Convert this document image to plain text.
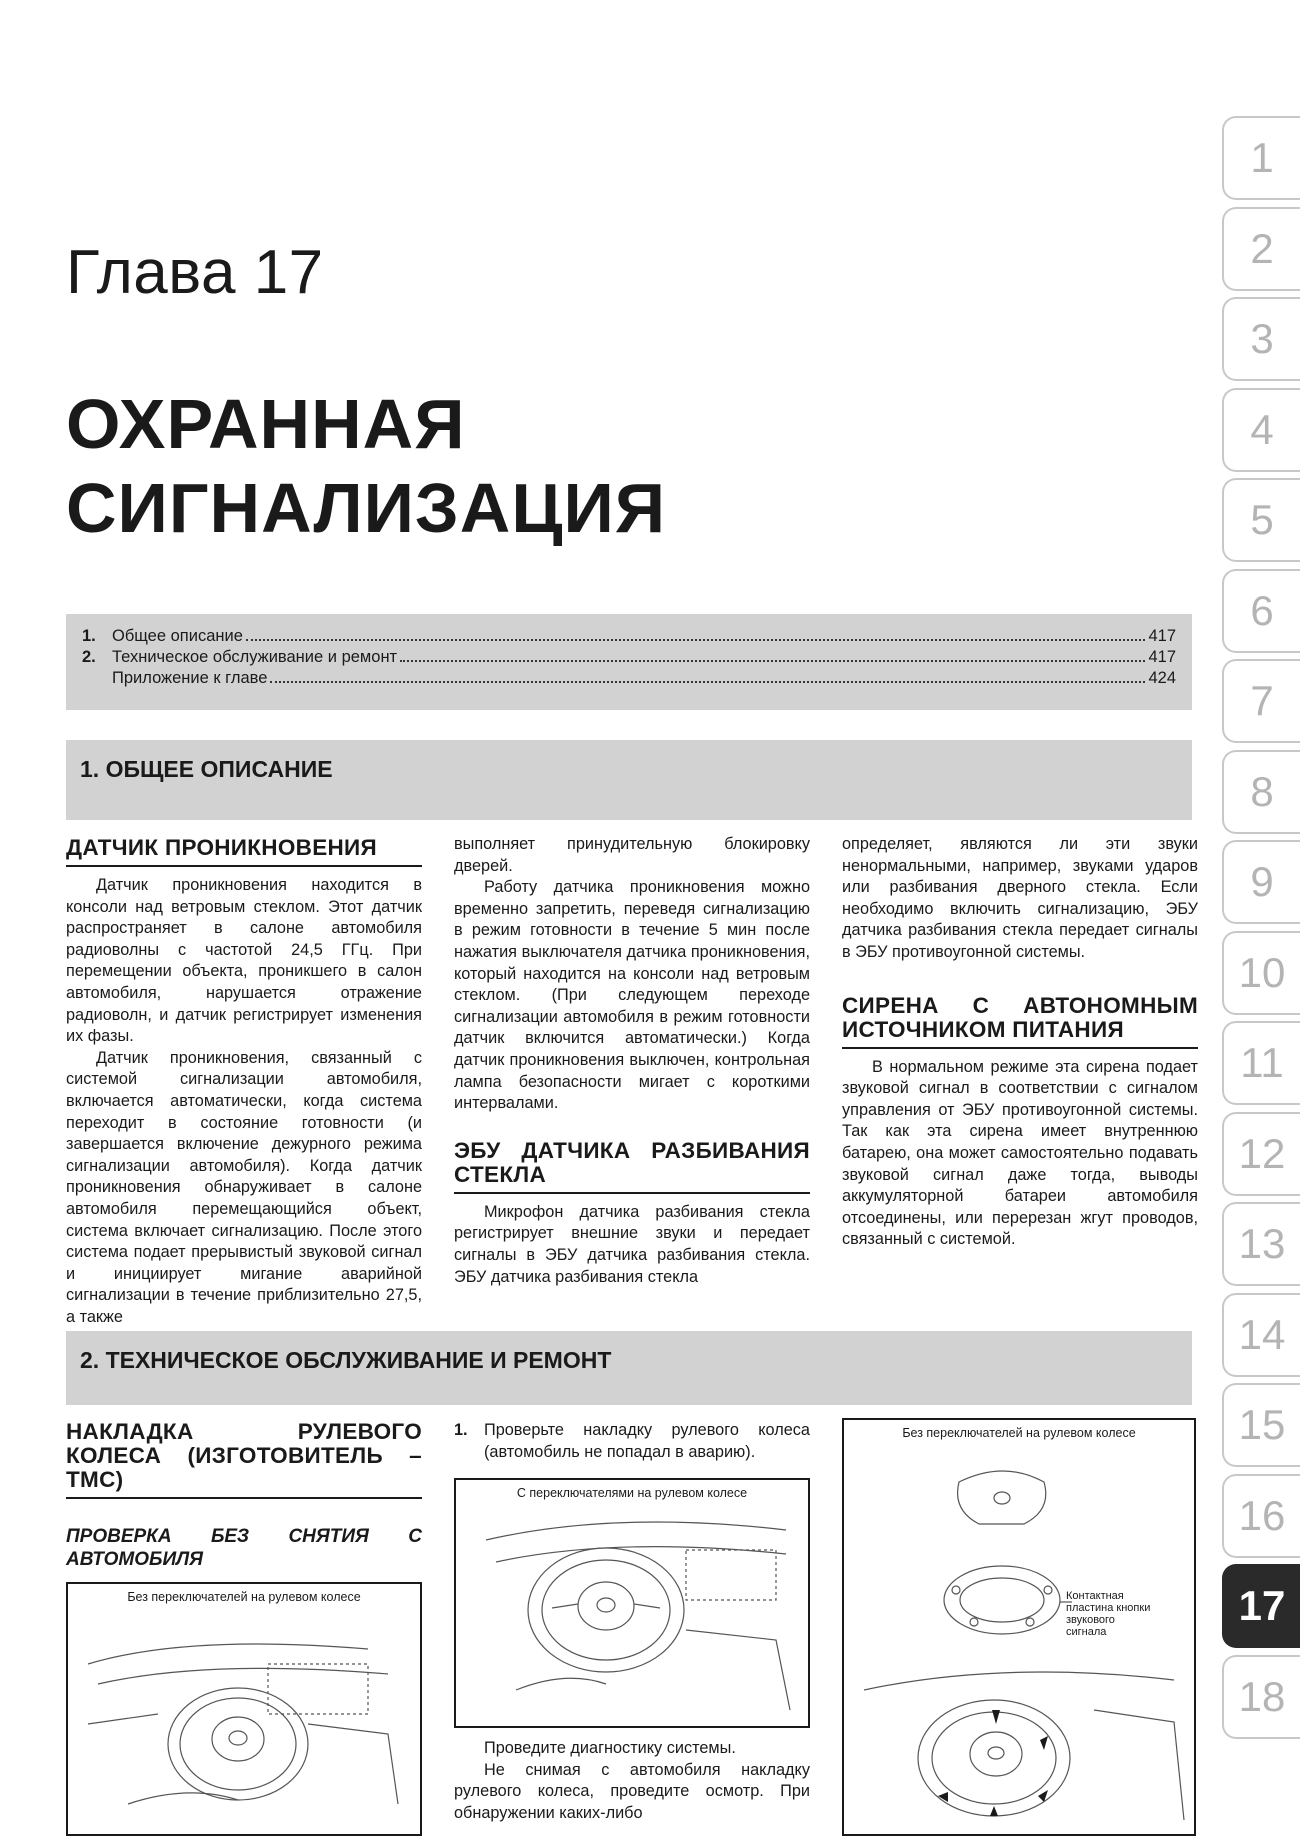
Глава 17
ОХРАННАЯ
СИГНАЛИЗАЦИЯ
1. Общее описание	417
2. Техническое обслуживание и ремонт	417
Приложение к главе	424
1. ОБЩЕЕ ОПИСАНИЕ
ДАТЧИК ПРОНИКНОВЕНИЯ

Датчик проникновения находится в консоли над ветровым стеклом. Этот датчик распространяет в салоне автомобиля радиоволны с частотой 24,5 ГГц. При перемещении объекта, проникшего в салон автомобиля, нарушается отражение радиоволн, и датчик регистрирует изменения их фазы.

Датчик проникновения, связанный с системой сигнализации автомобиля, включается автоматически, когда система переходит в состояние готовности (и завершается включение дежурного режима сигнализации автомобиля). Когда датчик проникновения обнаруживает в салоне автомобиля перемещающийся объект, система включает сигнализацию. После этого система подает прерывистый звуковой сигнал и инициирует мигание аварийной сигнализации в течение приблизительно 27,5, а также

выполняет принудительную блокировку дверей.

Работу датчика проникновения можно временно запретить, переведя сигнализацию в режим готовности в течение 5 мин после нажатия выключателя датчика проникновения, который находится на консоли над ветровым стеклом. (При следующем переходе сигнализации автомобиля в режим готовности датчик включится автоматически.) Когда датчик проникновения выключен, контрольная лампа безопасности мигает с короткими интервалами.

ЭБУ ДАТЧИКА РАЗБИВАНИЯ СТЕКЛА

Микрофон датчика разбивания стекла регистрирует внешние звуки и передает сигналы в ЭБУ датчика разбивания стекла. ЭБУ датчика разбивания стекла

определяет, являются ли эти звуки ненормальными, например, звуками ударов или разбивания дверного стекла. Если необходимо включить сигнализацию, ЭБУ датчика разбивания стекла передает сигналы в ЭБУ противоугонной системы.

СИРЕНА С АВТОНОМНЫМ ИСТОЧНИКОМ ПИТАНИЯ

В нормальном режиме эта сирена подает звуковой сигнал в соответствии с сигналом управления от ЭБУ противоугонной системы. Так как эта сирена имеет внутреннюю батарею, она может самостоятельно подавать звуковой сигнал даже тогда, выводы аккумуляторной батареи автомобиля отсоединены, или перерезан жгут проводов, связанный с системой.

2. ТЕХНИЧЕСКОЕ ОБСЛУЖИВАНИЕ И РЕМОНТ
НАКЛАДКА РУЛЕВОГО КОЛЕСА (ИЗГОТОВИТЕЛЬ – ТМС)
ПРОВЕРКА БЕЗ СНЯТИЯ С АВТОМОБИЛЯ
Без переключателей на рулевом колесе
1.	Проверьте накладку рулевого колеса (автомобиль не попадал в аварию).
С переключателями на рулевом колесе

Проведите диагностику системы.

Не снимая с автомобиля накладку рулевого колеса, проведите осмотр. При обнаружении каких-либо

Без переключателей на рулевом колесе
Контактная пластина кнопки звукового сигнала
1
2
3
4
5
6
7
8
9
10
11
12
13
14
15
16
17
18
